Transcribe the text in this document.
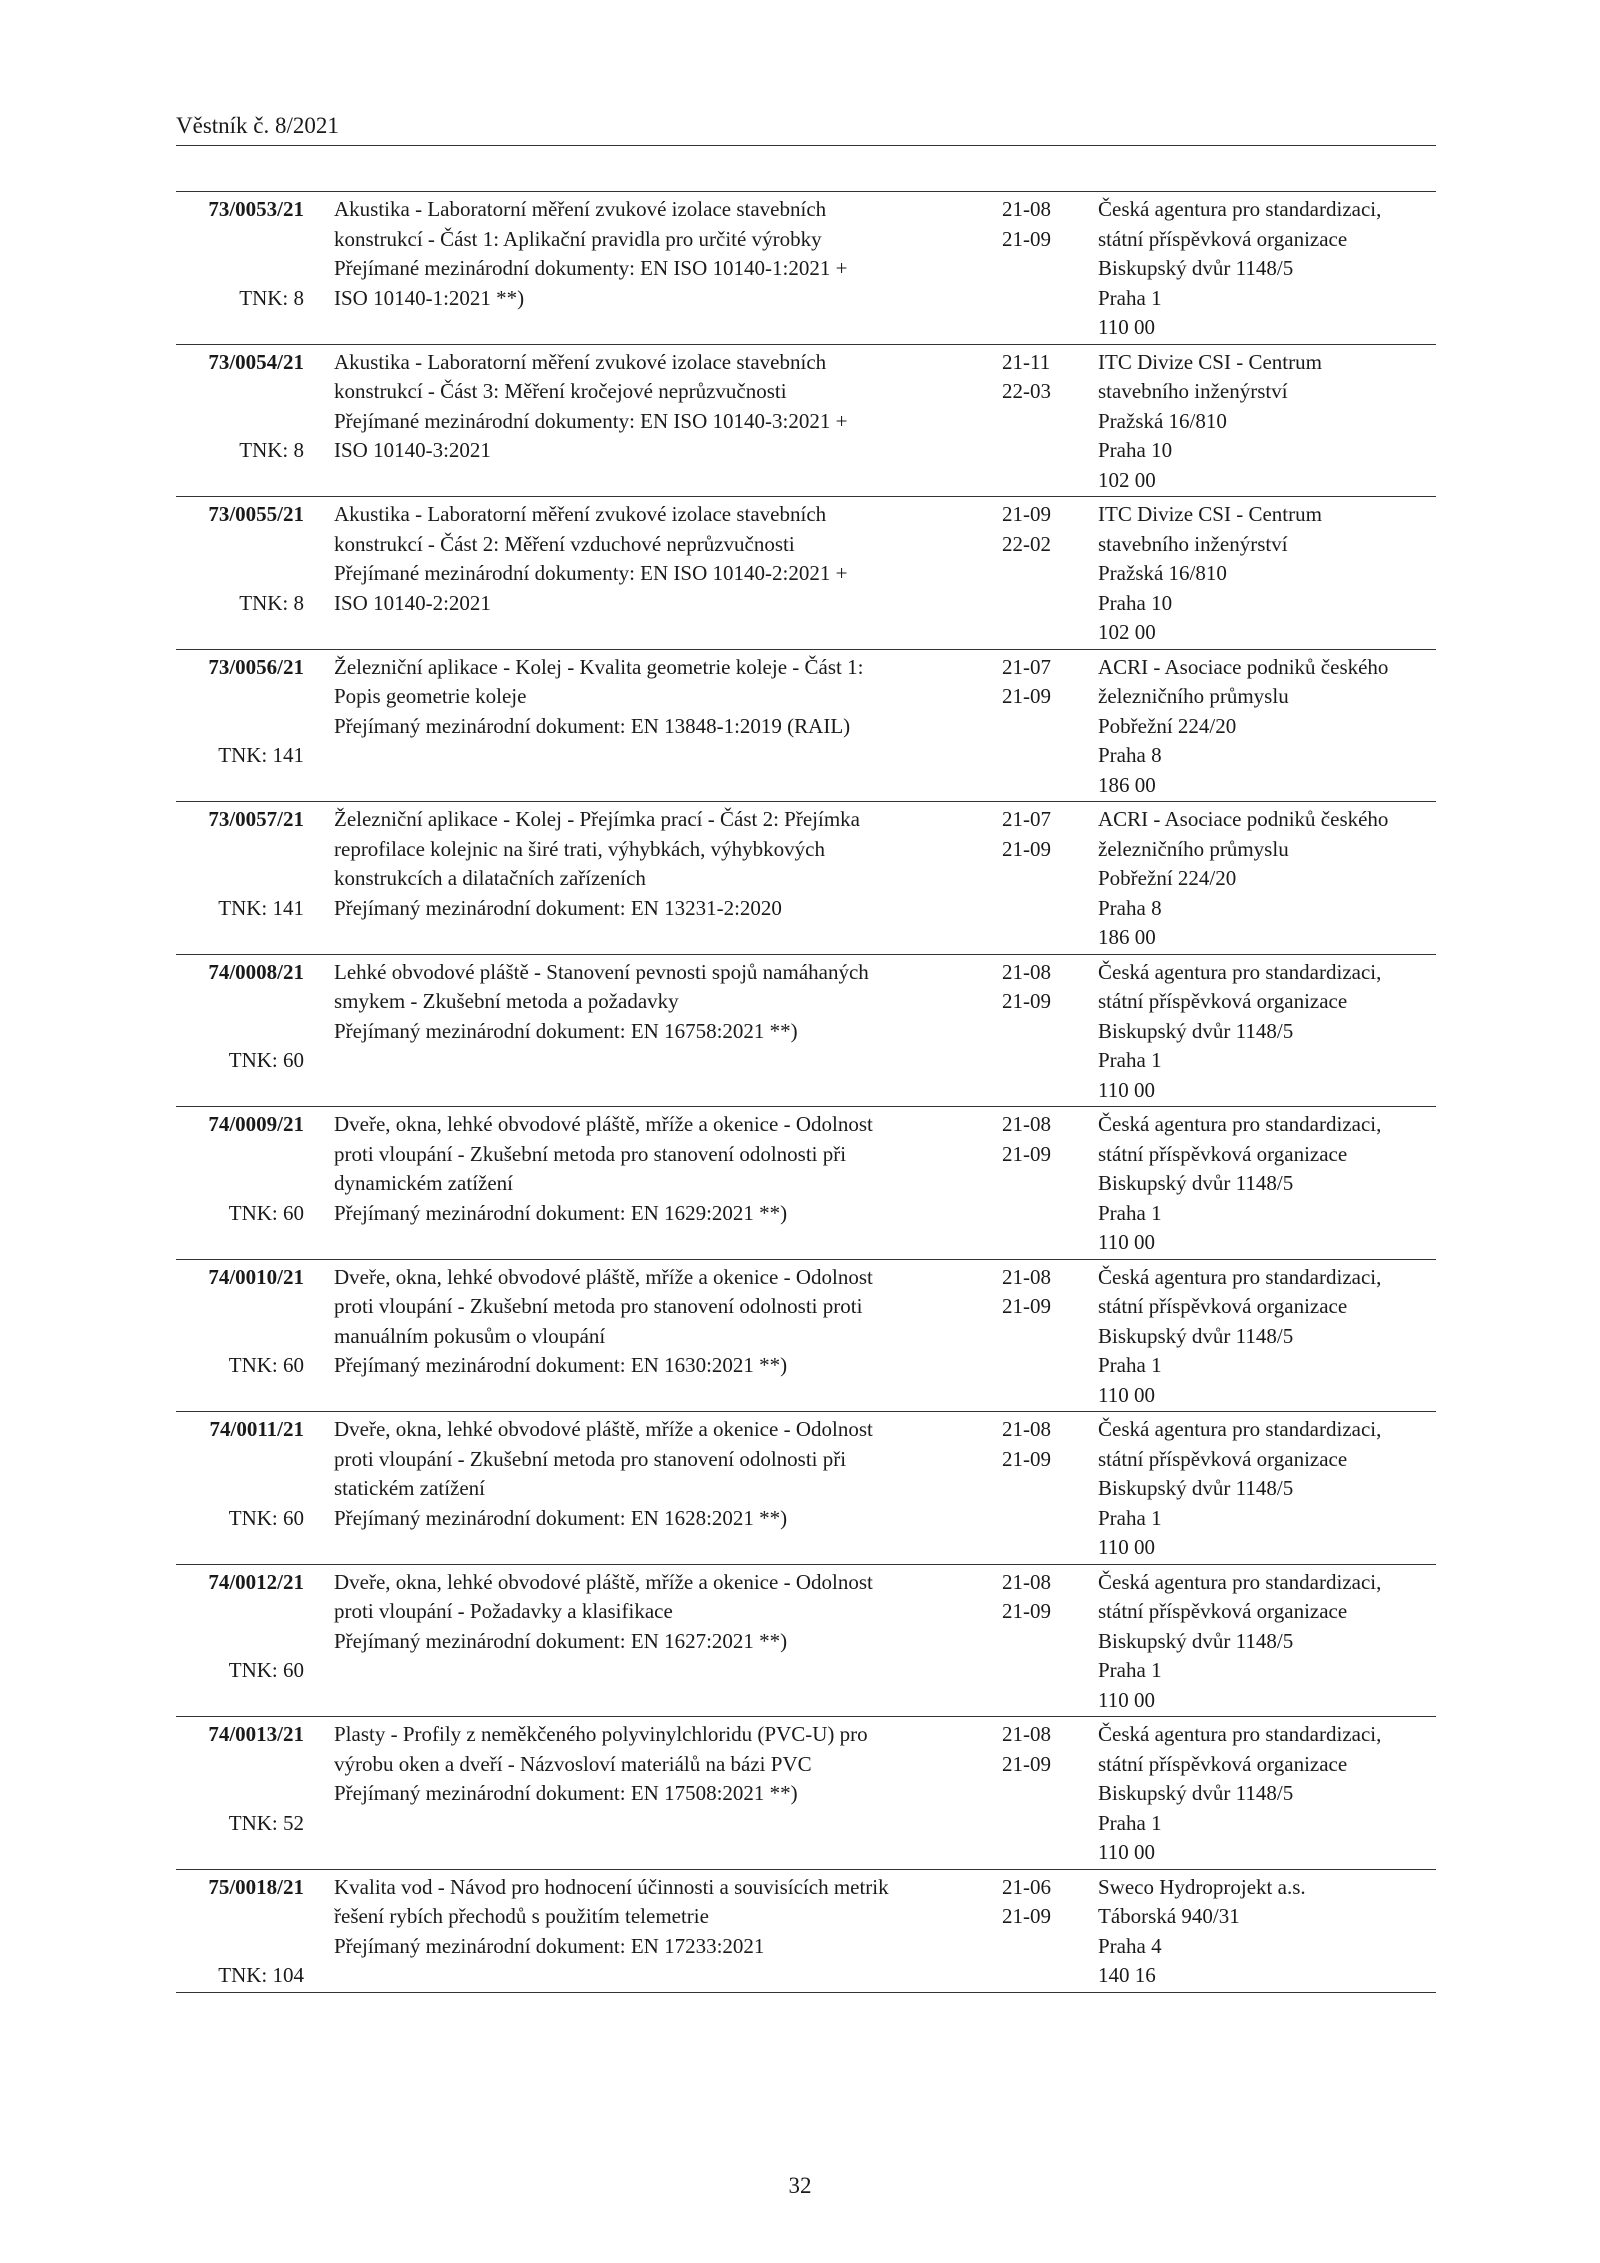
Věstník č. 8/2021
73/0053/21
TNK: 8
Akustika - Laboratorní měření zvukové izolace stavebních
konstrukcí - Část 1: Aplikační pravidla pro určité výrobky
Přejímané mezinárodní dokumenty: EN ISO 10140-1:2021 +
ISO 10140-1:2021 **)

21-08
21-09
Česká agentura pro standardizaci,
státní příspěvková organizace
Biskupský dvůr 1148/5
Praha 1
110 00
73/0054/21
TNK: 8
Akustika - Laboratorní měření zvukové izolace stavebních
konstrukcí - Část 3: Měření kročejové neprůzvučnosti
Přejímané mezinárodní dokumenty: EN ISO 10140-3:2021 +
ISO 10140-3:2021

21-11
22-03
ITC Divize CSI - Centrum
stavebního inženýrství
Pražská 16/810
Praha 10
102 00
73/0055/21
TNK: 8
Akustika - Laboratorní měření zvukové izolace stavebních
konstrukcí - Část 2: Měření vzduchové neprůzvučnosti
Přejímané mezinárodní dokumenty: EN ISO 10140-2:2021 +
ISO 10140-2:2021

21-09
22-02
ITC Divize CSI - Centrum
stavebního inženýrství
Pražská 16/810
Praha 10
102 00
73/0056/21
TNK: 141
Železniční aplikace - Kolej - Kvalita geometrie koleje - Část 1:
Popis geometrie koleje
Přejímaný mezinárodní dokument: EN 13848-1:2019 (RAIL)

21-07
21-09
ACRI - Asociace podniků českého
železničního průmyslu
Pobřežní 224/20
Praha 8
186 00
73/0057/21
TNK: 141
Železniční aplikace - Kolej - Přejímka prací - Část 2: Přejímka
reprofilace kolejnic na širé trati, výhybkách, výhybkových
konstrukcích a dilatačních zařízeních
Přejímaný mezinárodní dokument: EN 13231-2:2020

21-07
21-09
ACRI - Asociace podniků českého
železničního průmyslu
Pobřežní 224/20
Praha 8
186 00
74/0008/21
TNK: 60
Lehké obvodové pláště - Stanovení pevnosti spojů namáhaných
smykem - Zkušební metoda a požadavky
Přejímaný mezinárodní dokument: EN 16758:2021 **)

21-08
21-09
Česká agentura pro standardizaci,
státní příspěvková organizace
Biskupský dvůr 1148/5
Praha 1
110 00
74/0009/21
TNK: 60
Dveře, okna, lehké obvodové pláště, mříže a okenice - Odolnost
proti vloupání - Zkušební metoda pro stanovení odolnosti při
dynamickém zatížení
Přejímaný mezinárodní dokument: EN 1629:2021 **)

21-08
21-09
Česká agentura pro standardizaci,
státní příspěvková organizace
Biskupský dvůr 1148/5
Praha 1
110 00
74/0010/21
TNK: 60
Dveře, okna, lehké obvodové pláště, mříže a okenice - Odolnost
proti vloupání - Zkušební metoda pro stanovení odolnosti proti
manuálním pokusům o vloupání
Přejímaný mezinárodní dokument: EN 1630:2021 **)

21-08
21-09
Česká agentura pro standardizaci,
státní příspěvková organizace
Biskupský dvůr 1148/5
Praha 1
110 00
74/0011/21
TNK: 60
Dveře, okna, lehké obvodové pláště, mříže a okenice - Odolnost
proti vloupání - Zkušební metoda pro stanovení odolnosti při
statickém zatížení
Přejímaný mezinárodní dokument: EN 1628:2021 **)

21-08
21-09
Česká agentura pro standardizaci,
státní příspěvková organizace
Biskupský dvůr 1148/5
Praha 1
110 00
74/0012/21
TNK: 60
Dveře, okna, lehké obvodové pláště, mříže a okenice - Odolnost
proti vloupání - Požadavky a klasifikace
Přejímaný mezinárodní dokument: EN 1627:2021 **)

21-08
21-09
Česká agentura pro standardizaci,
státní příspěvková organizace
Biskupský dvůr 1148/5
Praha 1
110 00
74/0013/21
TNK: 52
Plasty - Profily z neměkčeného polyvinylchloridu (PVC-U) pro
výrobu oken a dveří - Názvosloví materiálů na bázi PVC
Přejímaný mezinárodní dokument: EN 17508:2021 **)

21-08
21-09
Česká agentura pro standardizaci,
státní příspěvková organizace
Biskupský dvůr 1148/5
Praha 1
110 00
75/0018/21
TNK: 104
Kvalita vod - Návod pro hodnocení účinnosti a souvisících metrik
řešení rybích přechodů s použitím telemetrie
Přejímaný mezinárodní dokument: EN 17233:2021

21-06
21-09
Sweco Hydroprojekt a.s.
Táborská 940/31
Praha 4
140 16
32
